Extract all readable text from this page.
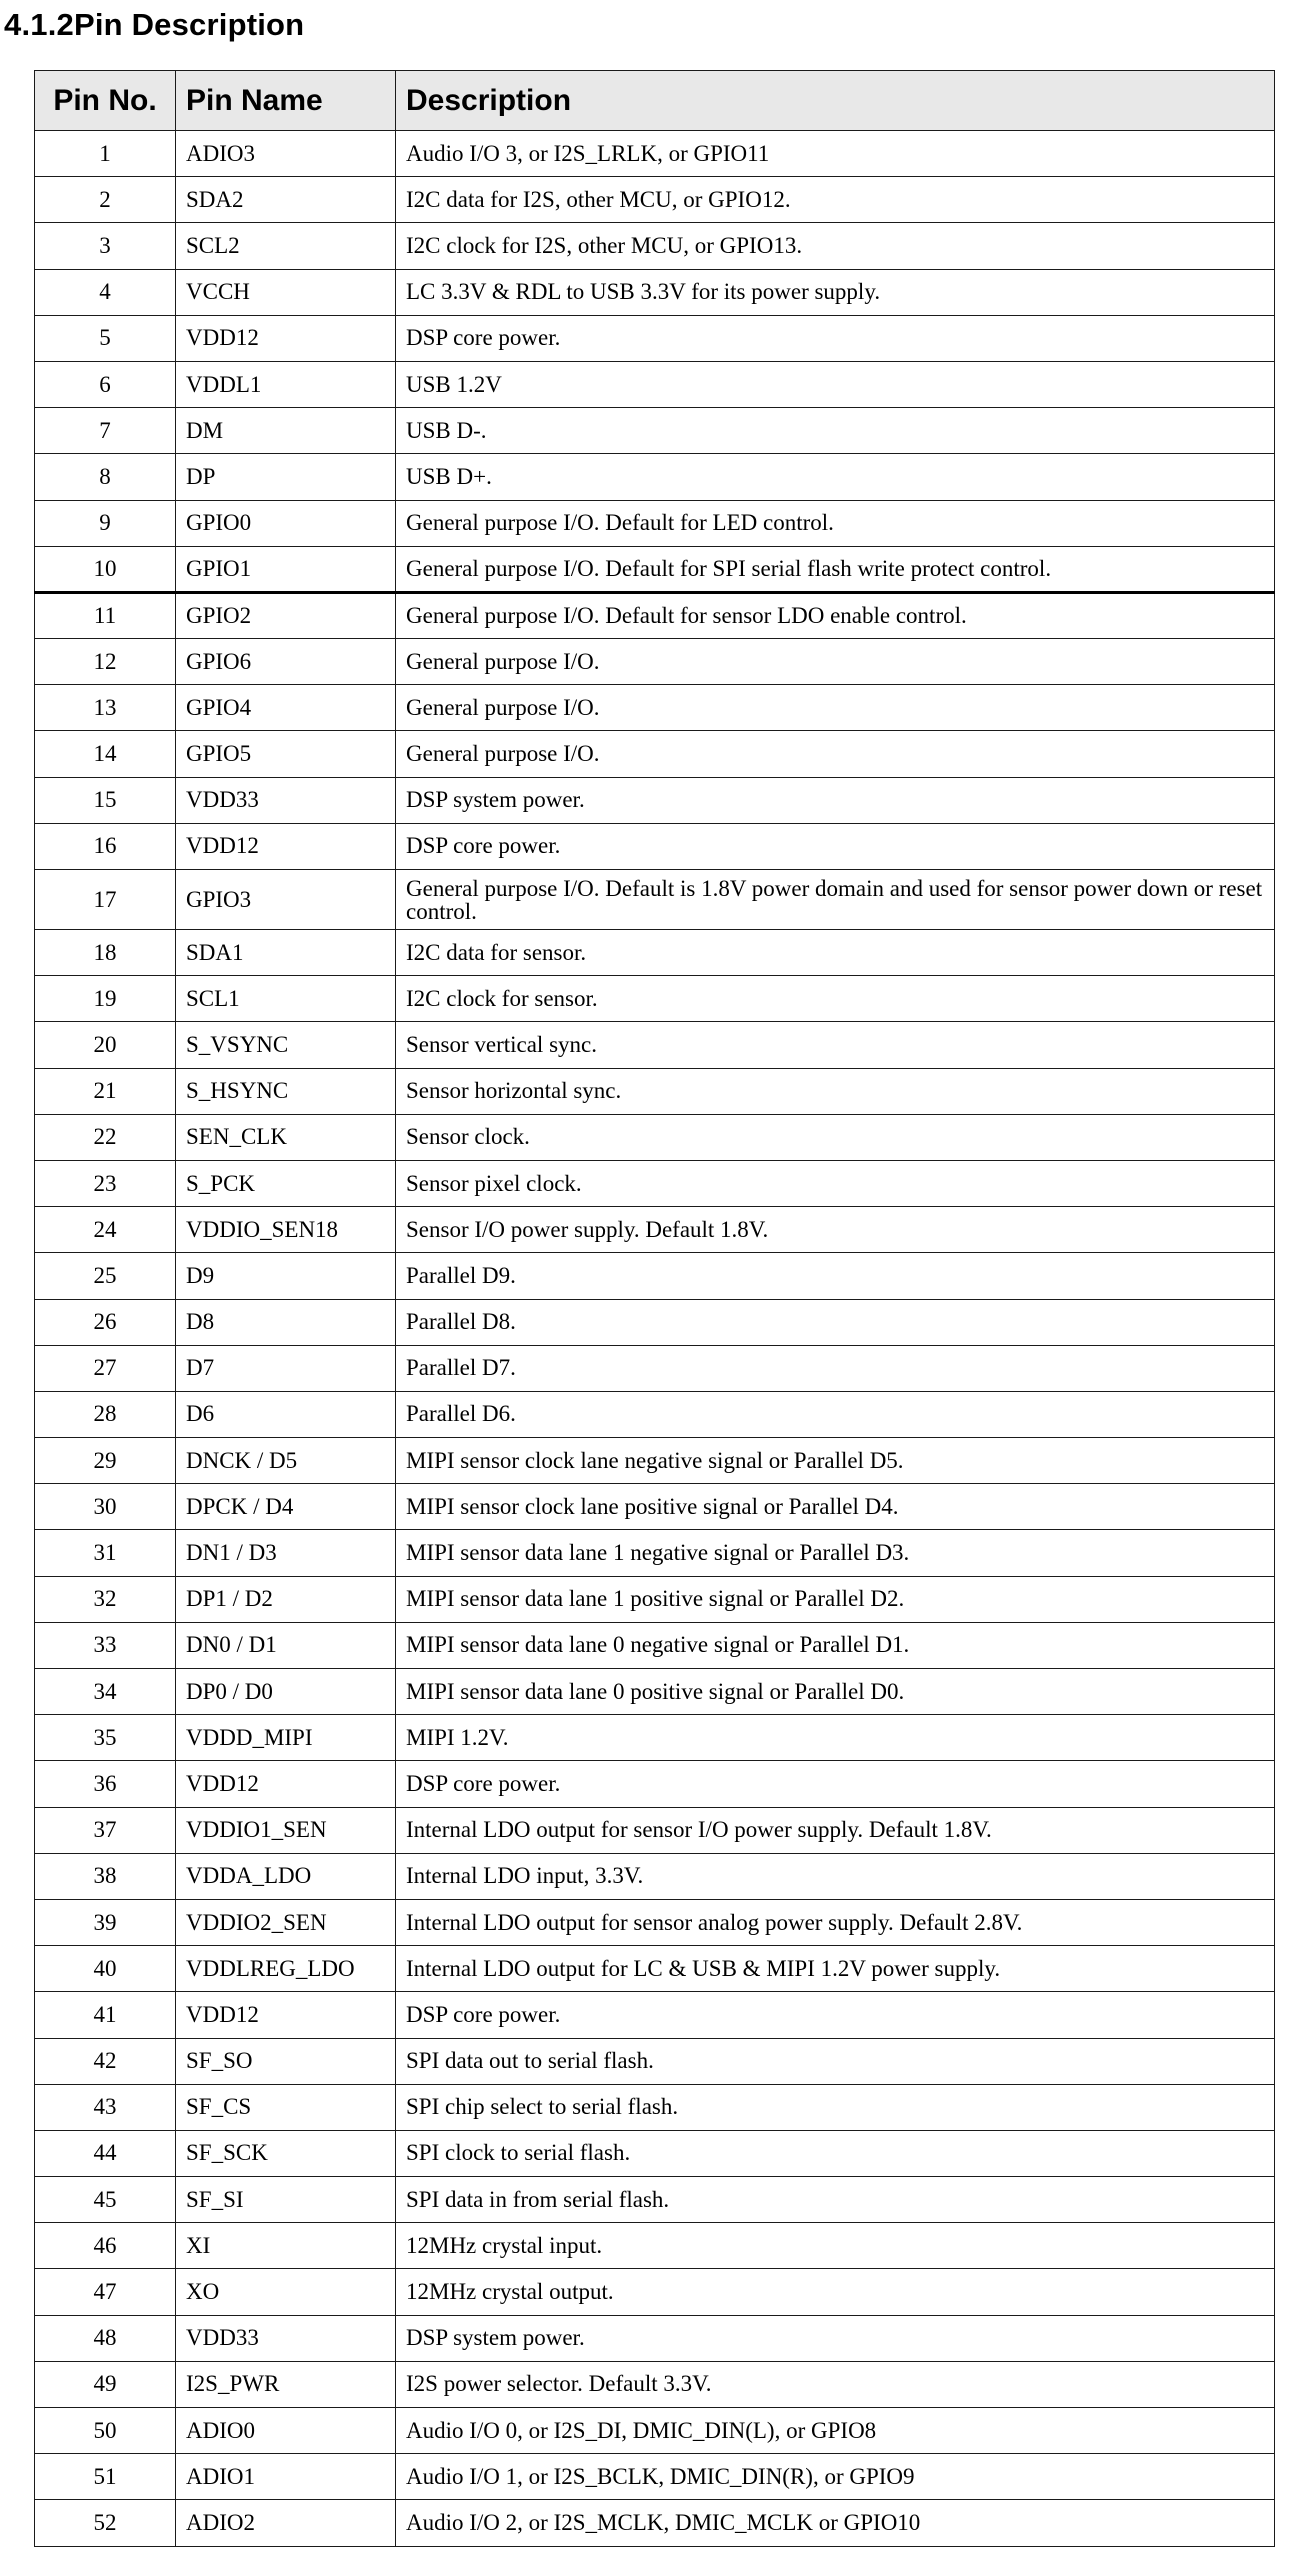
4.1.2Pin Description
Pin No.	Pin Name	Description
1	ADIO3	Audio I/O 3, or I2S_LRLK, or GPIO11
2	SDA2	I2C data for I2S, other MCU, or GPIO12.
3	SCL2	I2C clock for I2S, other MCU, or GPIO13.
4	VCCH	LC 3.3V & RDL to USB 3.3V for its power supply.
5	VDD12	DSP core power.
6	VDDL1	USB 1.2V
7	DM	USB D-.
8	DP	USB D+.
9	GPIO0	General purpose I/O. Default for LED control.
10	GPIO1	General purpose I/O. Default for SPI serial flash write protect control.
11	GPIO2	General purpose I/O. Default for sensor LDO enable control.
12	GPIO6	General purpose I/O.
13	GPIO4	General purpose I/O.
14	GPIO5	General purpose I/O.
15	VDD33	DSP system power.
16	VDD12	DSP core power.
17	GPIO3	General purpose I/O. Default is 1.8V power domain and used for sensor power down or reset control.
18	SDA1	I2C data for sensor.
19	SCL1	I2C clock for sensor.
20	S_VSYNC	Sensor vertical sync.
21	S_HSYNC	Sensor horizontal sync.
22	SEN_CLK	Sensor clock.
23	S_PCK	Sensor pixel clock.
24	VDDIO_SEN18	Sensor I/O power supply. Default 1.8V.
25	D9	Parallel D9.
26	D8	Parallel D8.
27	D7	Parallel D7.
28	D6	Parallel D6.
29	DNCK / D5	MIPI sensor clock lane negative signal or Parallel D5.
30	DPCK / D4	MIPI sensor clock lane positive signal or Parallel D4.
31	DN1 / D3	MIPI sensor data lane 1 negative signal or Parallel D3.
32	DP1 / D2	MIPI sensor data lane 1 positive signal or Parallel D2.
33	DN0 / D1	MIPI sensor data lane 0 negative signal or Parallel D1.
34	DP0 / D0	MIPI sensor data lane 0 positive signal or Parallel D0.
35	VDDD_MIPI	MIPI 1.2V.
36	VDD12	DSP core power.
37	VDDIO1_SEN	Internal LDO output for sensor I/O power supply. Default 1.8V.
38	VDDA_LDO	Internal LDO input, 3.3V.
39	VDDIO2_SEN	Internal LDO output for sensor analog power supply. Default 2.8V.
40	VDDLREG_LDO	Internal LDO output for LC & USB & MIPI 1.2V power supply.
41	VDD12	DSP core power.
42	SF_SO	SPI data out to serial flash.
43	SF_CS	SPI chip select to serial flash.
44	SF_SCK	SPI clock to serial flash.
45	SF_SI	SPI data in from serial flash.
46	XI	12MHz crystal input.
47	XO	12MHz crystal output.
48	VDD33	DSP system power.
49	I2S_PWR	I2S power selector. Default 3.3V.
50	ADIO0	Audio I/O 0, or I2S_DI, DMIC_DIN(L), or GPIO8
51	ADIO1	Audio I/O 1, or I2S_BCLK, DMIC_DIN(R), or GPIO9
52	ADIO2	Audio I/O 2, or I2S_MCLK, DMIC_MCLK or GPIO10
